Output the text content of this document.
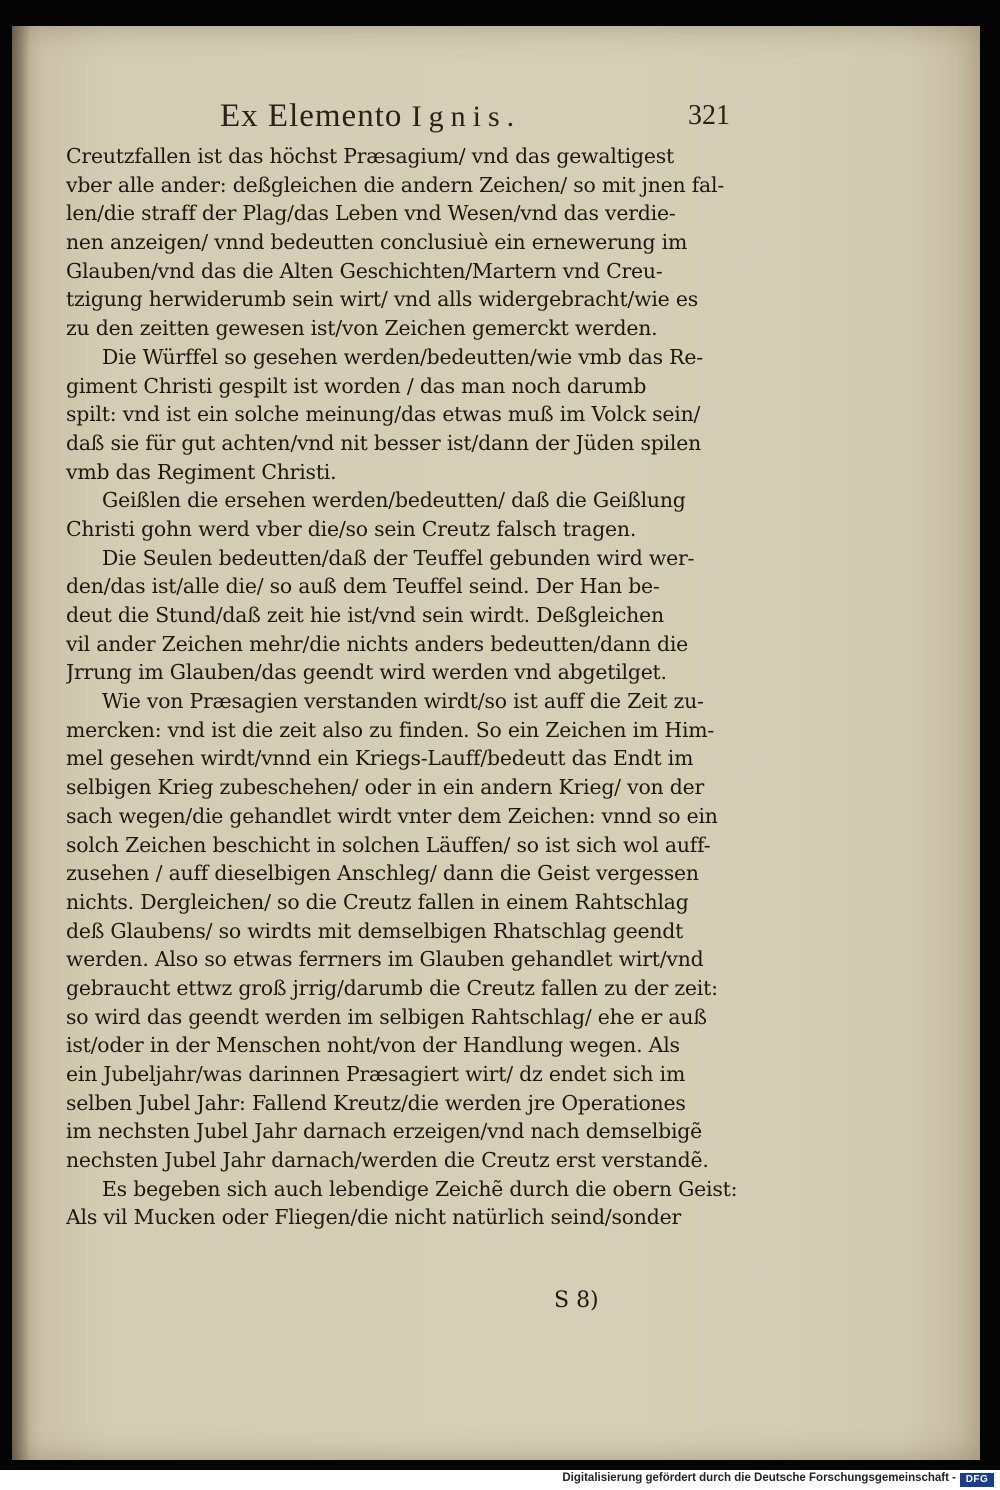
Ex Elemento Ignis.	321
Creutzfallen ist das höchst Præsagium/ vnd das gewaltigest
vber alle ander: deßgleichen die andern Zeichen/ so mit jnen fal-
len/die straff der Plag/das Leben vnd Wesen/vnd das verdie-
nen anzeigen/ vnnd bedeutten conclusiuè ein ernewerung im
Glauben/vnd das die Alten Geschichten/Martern vnd Creu-
tzigung herwiderumb sein wirt/ vnd alls widergebracht/wie es
zu den zeitten gewesen ist/von Zeichen gemerckt werden.
Die Würffel so gesehen werden/bedeutten/wie vmb das Re-
giment Christi gespilt ist worden / das man noch darumb
spilt: vnd ist ein solche meinung/das etwas muß im Volck sein/
daß sie für gut achten/vnd nit besser ist/dann der Jüden spilen
vmb das Regiment Christi.
Geißlen die ersehen werden/bedeutten/ daß die Geißlung
Christi gohn werd vber die/so sein Creutz falsch tragen.
Die Seulen bedeutten/daß der Teuffel gebunden wird wer-
den/das ist/alle die/ so auß dem Teuffel seind. Der Han be-
deut die Stund/daß zeit hie ist/vnd sein wirdt. Deßgleichen
vil ander Zeichen mehr/die nichts anders bedeutten/dann die
Jrrung im Glauben/das geendt wird werden vnd abgetilget.
Wie von Præsagien verstanden wirdt/so ist auff die Zeit zu-
mercken: vnd ist die zeit also zu finden. So ein Zeichen im Him-
mel gesehen wirdt/vnnd ein Kriegs-Lauff/bedeutt das Endt im
selbigen Krieg zubeschehen/ oder in ein andern Krieg/ von der
sach wegen/die gehandlet wirdt vnter dem Zeichen: vnnd so ein
solch Zeichen beschicht in solchen Läuffen/ so ist sich wol auff-
zusehen / auff dieselbigen Anschleg/ dann die Geist vergessen
nichts. Dergleichen/ so die Creutz fallen in einem Rahtschlag
deß Glaubens/ so wirdts mit demselbigen Rhatschlag geendt
werden. Also so etwas ferrners im Glauben gehandlet wirt/vnd
gebraucht ettwz groß jrrig/darumb die Creutz fallen zu der zeit:
so wird das geendt werden im selbigen Rahtschlag/ ehe er auß
ist/oder in der Menschen noht/von der Handlung wegen. Als
ein Jubeljahr/was darinnen Præsagiert wirt/ dz endet sich im
selben Jubel Jahr: Fallend Kreutz/die werden jre Operationes
im nechsten Jubel Jahr darnach erzeigen/vnd nach demselbigẽ
nechsten Jubel Jahr darnach/werden die Creutz erst verstandẽ.
Es begeben sich auch lebendige Zeichẽ durch die obern Geist:
Als vil Mucken oder Fliegen/die nicht natürlich seind/sonder
S 8)
Digitalisierung gefördert durch die Deutsche Forschungsgemeinschaft - DFG
